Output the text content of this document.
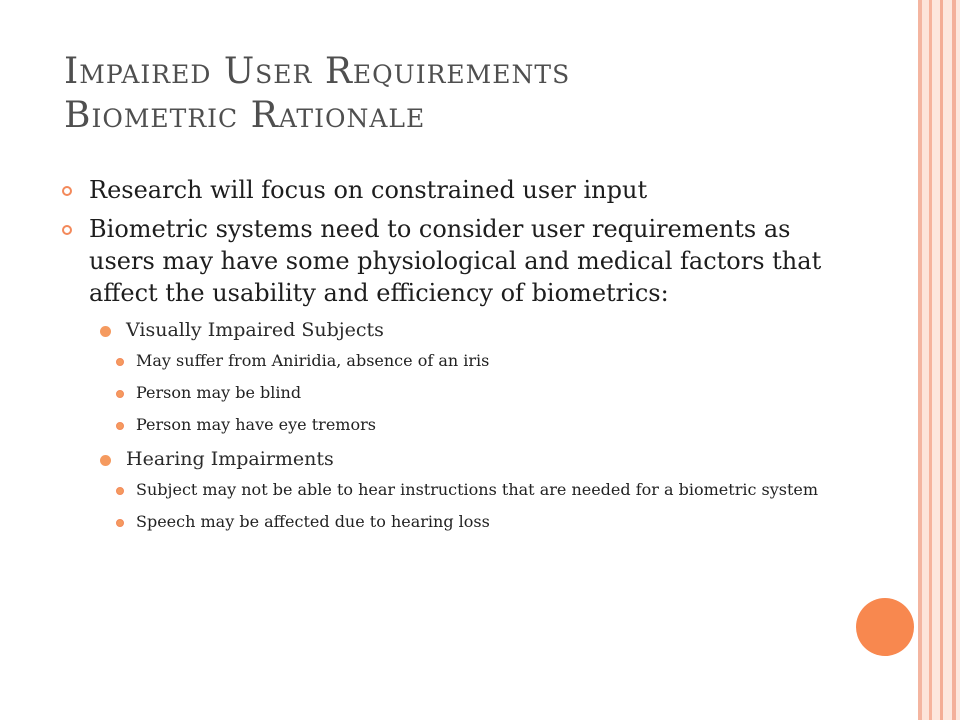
Impaired User Requirements
Biometric Rationale
Research will focus on constrained user input
Biometric systems need to consider user requirements as users may have some physiological and medical factors that affect the usability and efficiency of biometrics:
Visually Impaired Subjects
May suffer from Aniridia, absence of an iris
Person may be blind
Person may have eye tremors
Hearing Impairments
Subject may not be able to hear instructions that are needed for a biometric system
Speech may be affected due to hearing loss
